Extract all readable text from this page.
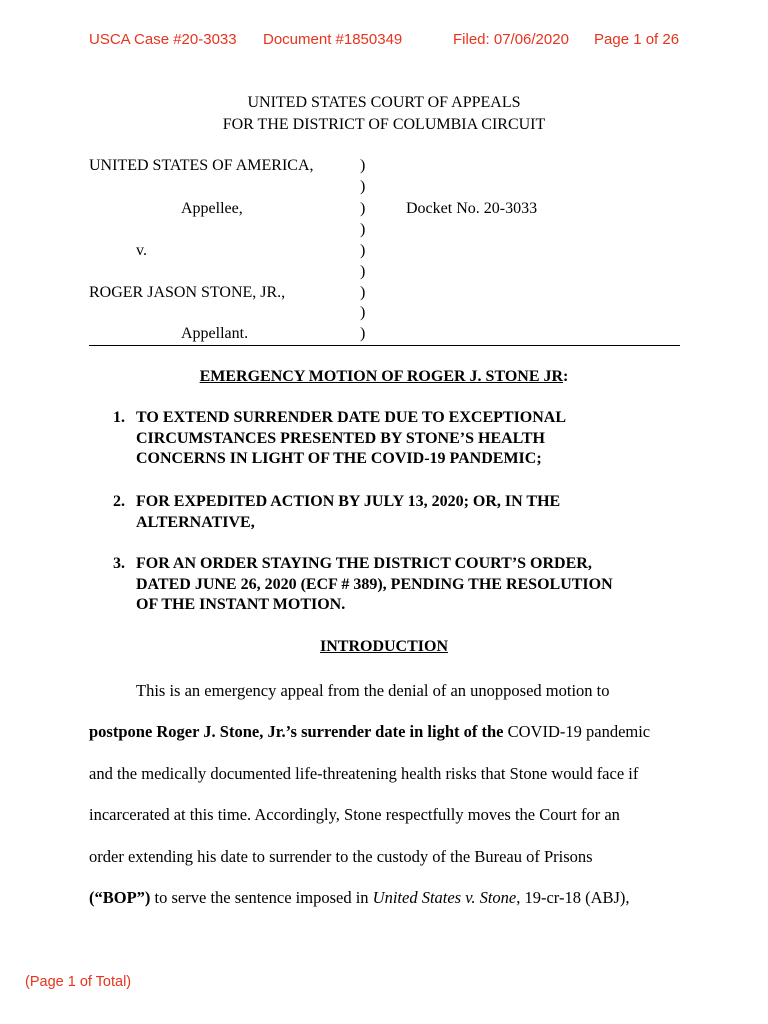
USCA Case #20-3033 Document #1850349	Filed: 07/06/2020 Page 1 of 26
UNITED STATES COURT OF APPEALS
FOR THE DISTRICT OF COLUMBIA CIRCUIT
UNITED STATES OF AMERICA,
Appellee,
v.
ROGER JASON STONE, JR.,
Appellant.
Docket No. 20-3033
)
)
)
)
)
)
)
)
)
EMERGENCY MOTION OF ROGER J. STONE JR:
1. TO EXTEND SURRENDER DATE DUE TO EXCEPTIONAL
CIRCUMSTANCES PRESENTED BY STONE’S HEALTH
CONCERNS IN LIGHT OF THE COVID-19 PANDEMIC;
2. FOR EXPEDITED ACTION BY JULY 13, 2020; OR, IN THE
ALTERNATIVE,
3. FOR AN ORDER STAYING THE DISTRICT COURT’S ORDER,
DATED JUNE 26, 2020 (ECF # 389), PENDING THE RESOLUTION
OF THE INSTANT MOTION.
INTRODUCTION
This is an emergency appeal from the denial of an unopposed motion to
postpone Roger J. Stone, Jr.’s surrender date in light of the COVID-19 pandemic
and the medically documented life-threatening health risks that Stone would face if
incarcerated at this time. Accordingly, Stone respectfully moves the Court for an
order extending his date to surrender to the custody of the Bureau of Prisons
(“BOP”) to serve the sentence imposed in United States v. Stone, 19-cr-18 (ABJ),
(Page 1 of Total)
